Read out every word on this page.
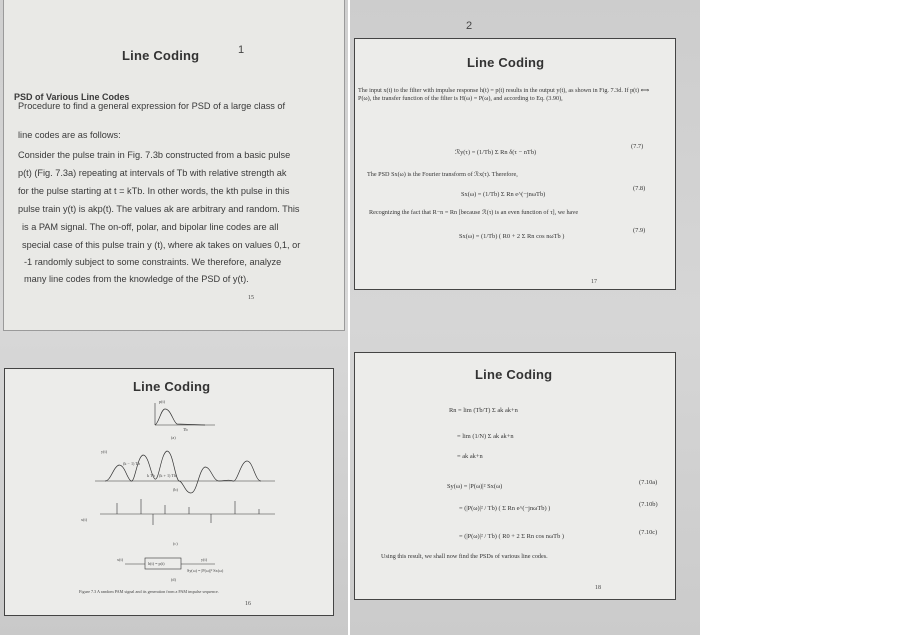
Line Coding	1
PSD of Various Line Codes
Procedure to find a general expression for PSD of a large class of
line codes are as follows:
Consider the pulse train in Fig. 7.3b constructed from a basic pulse
p(t) (Fig. 7.3a) repeating at intervals of Tb with relative strength ak
for the pulse starting at t = kTb. In other words, the kth pulse in this
pulse train y(t) is akp(t). The values ak are arbitrary and random. This
is a PAM signal. The on-off, polar, and bipolar line codes are all
special case of this pulse train y (t), where ak takes on values 0,1, or
-1 randomly subject to some constraints. We therefore, analyze
many line codes from the knowledge of the PSD of y(t).
15
Line Coding
p(t)
Tb
(a)
y(t)
(k − 1) Tb
k Tb (k + 1) Tb
(b)
x(t)
(c)
x(t)
h(t) = p(t)
y(t)
Sy(ω) = |P(ω)|² Sx(ω)
(d)
Figure 7.3 A random PAM signal and its generation from a PAM impulse sequence.
16
2
Line Coding
The input x(t) to the filter with impulse response h(t) = p(t) results in the output y(t), as shown in Fig. 7.3d. If p(t) ⟺ P(ω), the transfer function of the filter is H(ω) = P(ω), and according to Eq. (3.90),
ℛy(τ) = (1/Tb) Σ Rn δ(τ − nTb)
(7.7)
The PSD Sx(ω) is the Fourier transform of ℛx(τ). Therefore,
Sx(ω) = (1/Tb) Σ Rn e^(−jnωTb)
(7.8)
Recognizing the fact that R−n = Rn [because ℛ(τ) is an even function of τ], we have
Sx(ω) = (1/Tb) ( R0 + 2 Σ Rn cos nωTb )
(7.9)
17
Line Coding
Rn = lim (Tb/T) Σ ak ak+n
= lim (1/N) Σ ak ak+n
= ak ak+n
Sy(ω) = |P(ω)|² Sx(ω)
(7.10a)
= (|P(ω)|² / Tb) ( Σ Rn e^(−jnωTb) )
(7.10b)
= (|P(ω)|² / Tb) ( R0 + 2 Σ Rn cos nωTb )
(7.10c)
Using this result, we shall now find the PSDs of various line codes.
18
